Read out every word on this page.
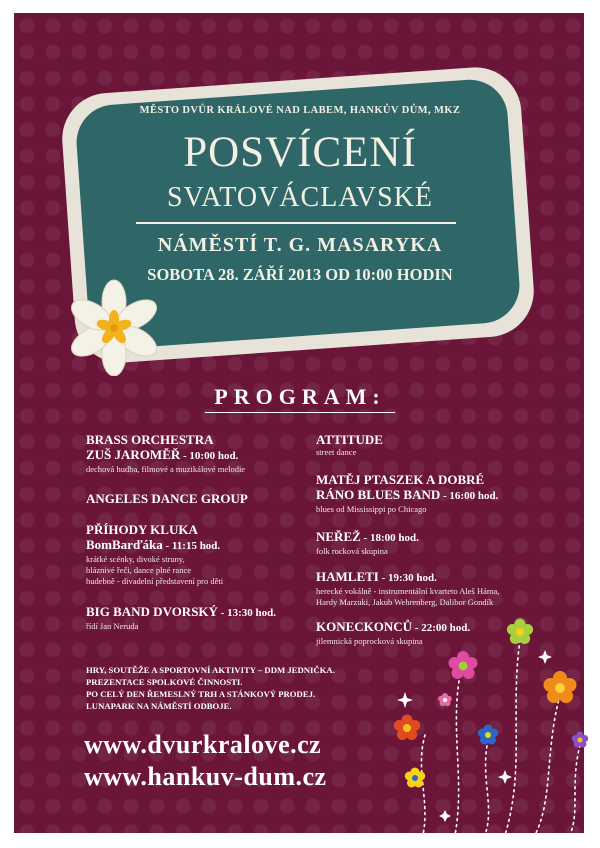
MĚSTO DVŮR KRÁLOVÉ NAD LABEM, HANKŮV DŮM, MKZ
POSVÍCENÍ
SVATOVÁCLAVSKÉ
NÁMĚSTÍ T. G. MASARYKA
SOBOTA 28. ZÁŘÍ 2013 OD 10:00 HODIN
PROGRAM:
BRASS ORCHESTRA
ZUŠ JAROMĚŘ - 10:00 hod.
dechová hudba, filmové a muzikálové melodie
ANGELES DANCE GROUP
PŘÍHODY KLUKA
BomBarďáka - 11:15 hod.
krátké scénky, divoké struny,
bláznivé řeči, dance plné rance
hudebně - divadelní představení pro děti
BIG BAND DVORSKÝ - 13:30 hod.
řídí Jan Neruda
ATTITUDE
street dance
MATĚJ PTASZEK A DOBRÉ
RÁNO BLUES BAND - 16:00 hod.
blues od Mississippi po Chicago
NEŘEŽ - 18:00 hod.
folk rocková skupina
HAMLETI - 19:30 hod.
herecké vokálně - instrumentální kvarteto Aleš Háma,
Hardy Marzuki, Jakub Wehrenberg, Dalibor Gondík
KONECKONCŮ - 22:00 hod.
jilemnická poprocková skupina
HRY, SOUTĚŽE A SPORTOVNÍ AKTIVITY – DDM JEDNIČKA.
PREZENTACE SPOLKOVÉ ČINNOSTI.
PO CELÝ DEN ŘEMESLNÝ TRH A STÁNKOVÝ PRODEJ.
LUNAPARK NA NÁMĚSTÍ ODBOJE.
www.dvurkralove.cz
www.hankuv-dum.cz
